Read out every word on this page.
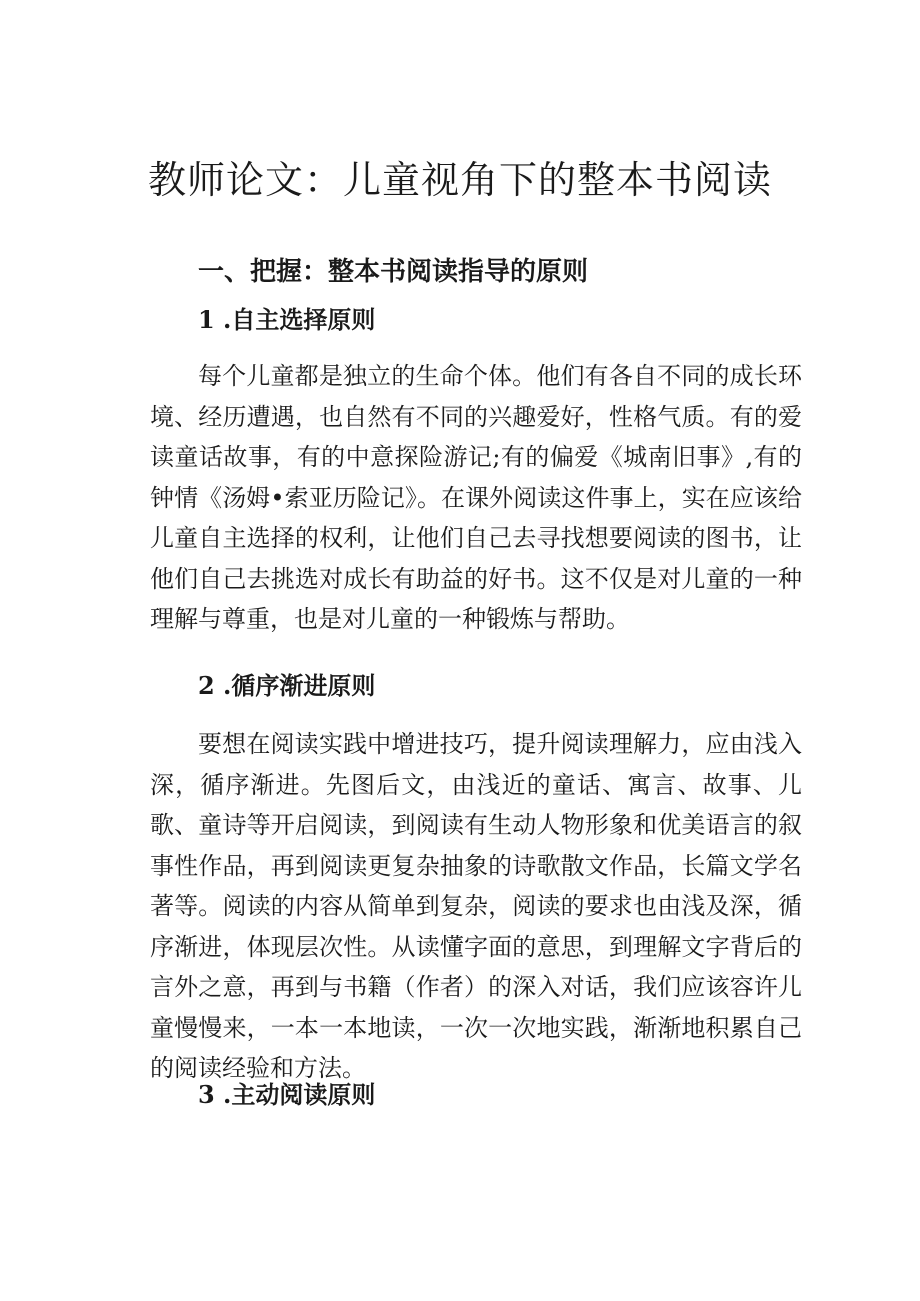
教师论文：儿童视角下的整本书阅读
一、把握：整本书阅读指导的原则
1 .自主选择原则

每个儿童都是独立的生命个体。他们有各自不同的成长环境、经历遭遇，也自然有不同的兴趣爱好，性格气质。有的爱读童话故事，有的中意探险游记;有的偏爱《城南旧事》,有的钟情《汤姆•索亚历险记》。在课外阅读这件事上，实在应该给儿童自主选择的权利，让他们自己去寻找想要阅读的图书，让他们自己去挑选对成长有助益的好书。这不仅是对儿童的一种理解与尊重，也是对儿童的一种锻炼与帮助。

2 .循序渐进原则

要想在阅读实践中增进技巧，提升阅读理解力，应由浅入深，循序渐进。先图后文，由浅近的童话、寓言、故事、儿歌、童诗等开启阅读，到阅读有生动人物形象和优美语言的叙事性作品，再到阅读更复杂抽象的诗歌散文作品，长篇文学名著等。阅读的内容从简单到复杂，阅读的要求也由浅及深，循序渐进，体现层次性。从读懂字面的意思，到理解文字背后的言外之意，再到与书籍（作者）的深入对话，我们应该容许儿童慢慢来，一本一本地读，一次一次地实践，渐渐地积累自己的阅读经验和方法。

3 .主动阅读原则
